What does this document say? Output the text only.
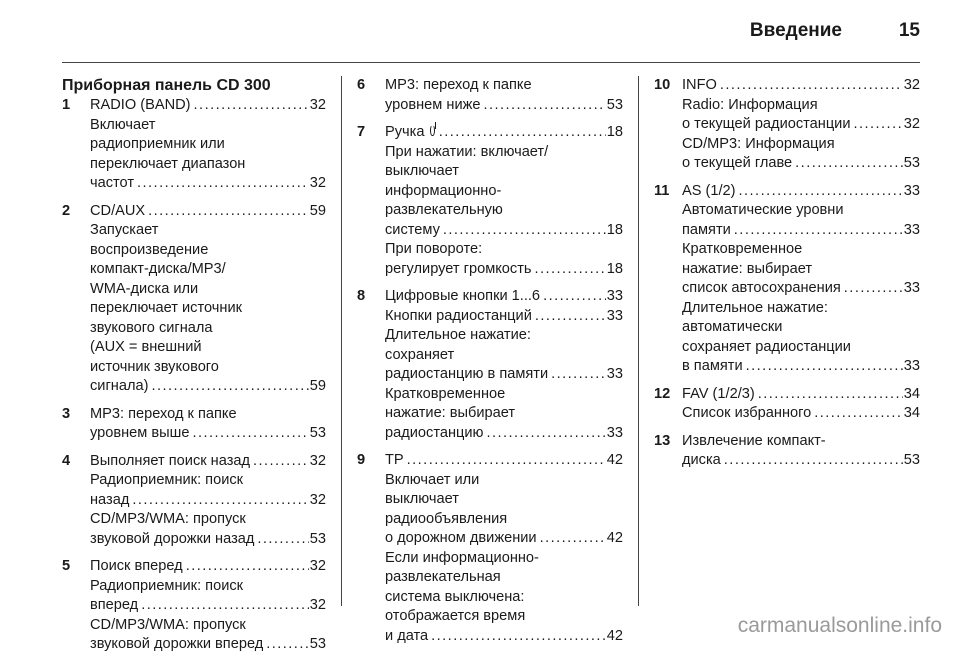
Введение	15
Приборная панель CD 300
1 RADIO (BAND) . . .	32
Включает
радиоприемник или
переключает диапазон
частот . . .	32
2 CD/AUX . . .	59
Запускает
воспроизведение
компакт-диска/MP3/
WMA-диска или
переключает источник
звукового сигнала
(AUX = внешний
источник звукового
сигнала) . . .	59
3 MP3: переход к папке
уровнем выше . . .	53
4 Выполняет поиск назад . . .	32
Радиоприемник: поиск
назад . . .	32
CD/MP3/WMA: пропуск
звуковой дорожки назад . . .	53
5 Поиск вперед . . .	32
Радиоприемник: поиск
вперед . . .	32
CD/MP3/WMA: пропуск
звуковой дорожки вперед . . .	53
6 MP3: переход к папке
уровнем ниже . . .	53
7 Ручка . . .	18
При нажатии: включает/
выключает
информационно-
развлекательную
систему . . .	18
При повороте:
регулирует громкость . . .	18
8 Цифровые кнопки 1...6 . . .	33
Кнопки радиостанций . . .	33
Длительное нажатие:
сохраняет
радиостанцию в памяти . . .	33
Кратковременное
нажатие: выбирает
радиостанцию . . .	33
9 TP . . .	42
Включает или
выключает
радиообъявления
о дорожном движении . . .	42
Если информационно-
развлекательная
система выключена:
отображается время
и дата . . .	42
10 INFO . . .	32
Radio: Информация
о текущей радиостанции . . .	32
CD/MP3: Информация
о текущей главе . . .	53
11 AS (1/2) . . .	33
Автоматические уровни
памяти . . .	33
Кратковременное
нажатие: выбирает
список автосохранения . . .	33
Длительное нажатие:
автоматически
сохраняет радиостанции
в памяти . . .	33
12 FAV (1/2/3) . . .	34
Список избранного . . .	34
13 Извлечение компакт-
диска . . .	53
carmanualsonline.info
